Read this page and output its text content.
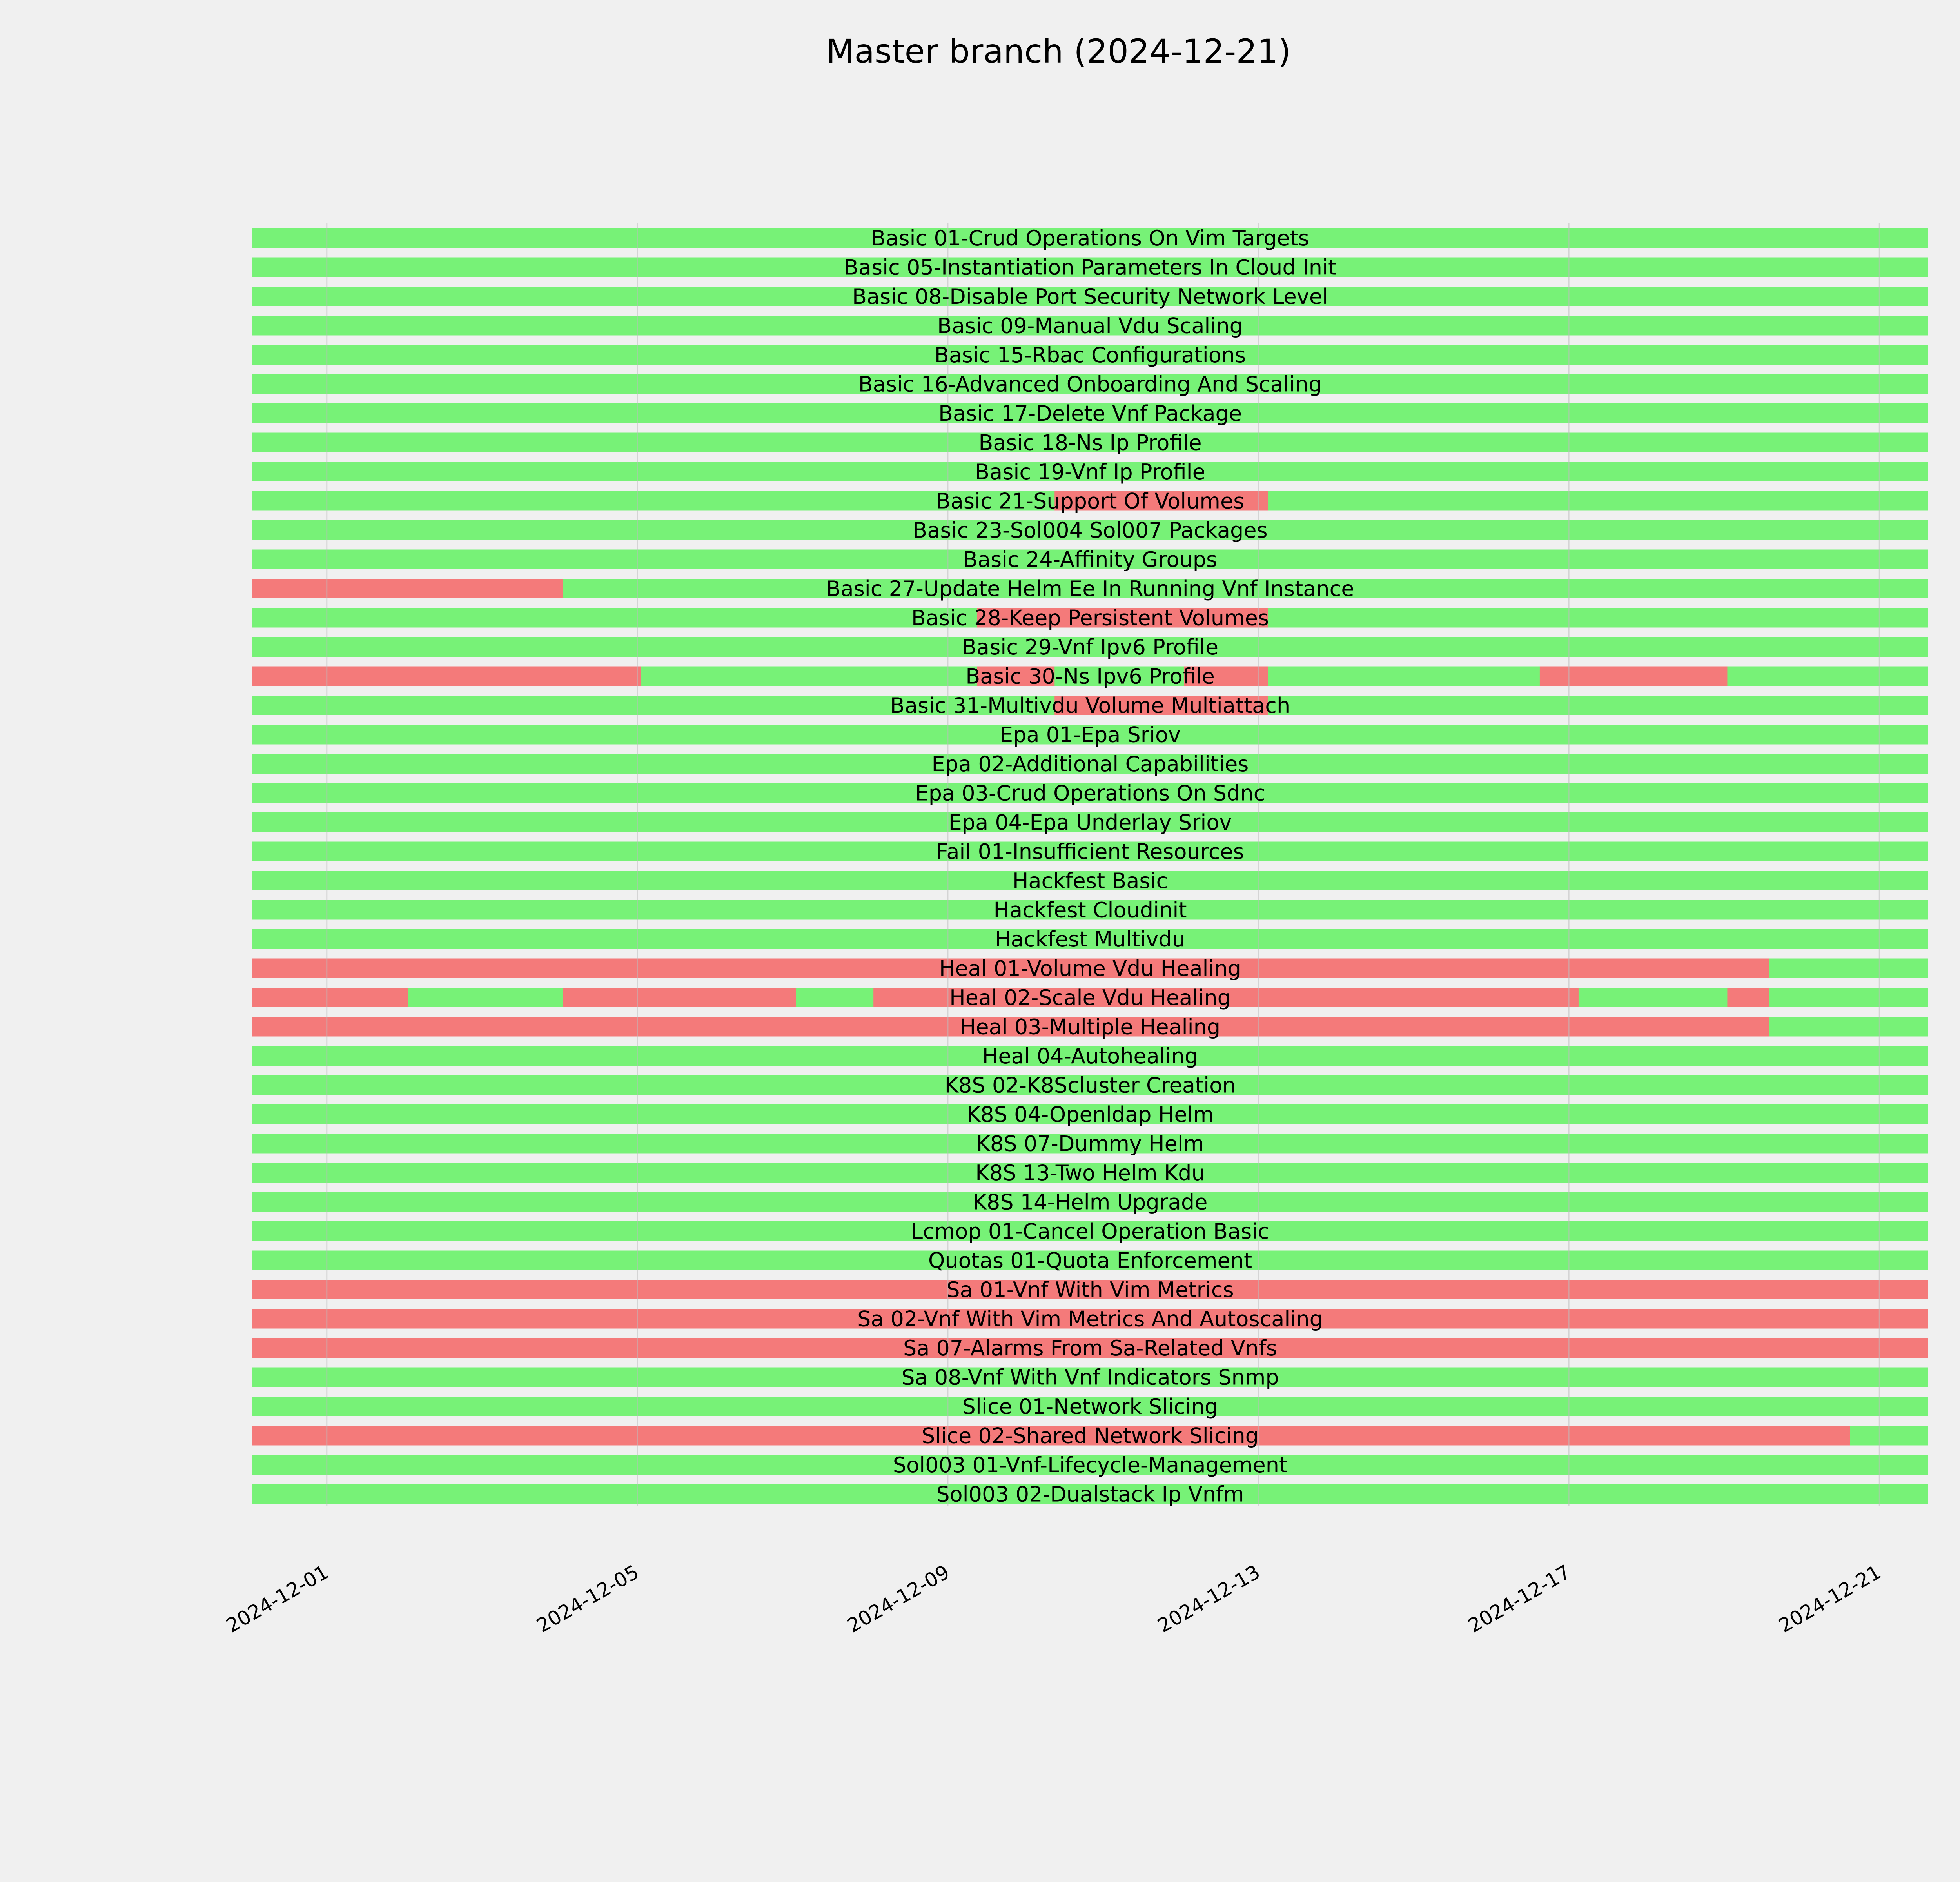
Master branch (2024-12-21)
Basic 01-Crud Operations On Vim Targets
Basic 05-Instantiation Parameters In Cloud Init
Basic 08-Disable Port Security Network Level
Basic 09-Manual Vdu Scaling
Basic 15-Rbac Configurations
Basic 16-Advanced Onboarding And Scaling
Basic 17-Delete Vnf Package
Basic 18-Ns Ip Profile
Basic 19-Vnf Ip Profile
Basic 21-Support Of Volumes
Basic 23-Sol004 Sol007 Packages
Basic 24-Affinity Groups
Basic 27-Update Helm Ee In Running Vnf Instance
Basic 28-Keep Persistent Volumes
Basic 29-Vnf Ipv6 Profile
Basic 30-Ns Ipv6 Profile
Basic 31-Multivdu Volume Multiattach
Epa 01-Epa Sriov
Epa 02-Additional Capabilities
Epa 03-Crud Operations On Sdnc
Epa 04-Epa Underlay Sriov
Fail 01-Insufficient Resources
Hackfest Basic
Hackfest Cloudinit
Hackfest Multivdu
Heal 01-Volume Vdu Healing
Heal 02-Scale Vdu Healing
Heal 03-Multiple Healing
Heal 04-Autohealing
K8S 02-K8Scluster Creation
K8S 04-Openldap Helm
K8S 07-Dummy Helm
K8S 13-Two Helm Kdu
K8S 14-Helm Upgrade
Lcmop 01-Cancel Operation Basic
Quotas 01-Quota Enforcement
Sa 01-Vnf With Vim Metrics
Sa 02-Vnf With Vim Metrics And Autoscaling
Sa 07-Alarms From Sa-Related Vnfs
Sa 08-Vnf With Vnf Indicators Snmp
Slice 01-Network Slicing
Slice 02-Shared Network Slicing
Sol003 01-Vnf-Lifecycle-Management
Sol003 02-Dualstack Ip Vnfm
2024-12-01	2024-12-05	2024-12-09	2024-12-13	2024-12-17	2024-12-21
